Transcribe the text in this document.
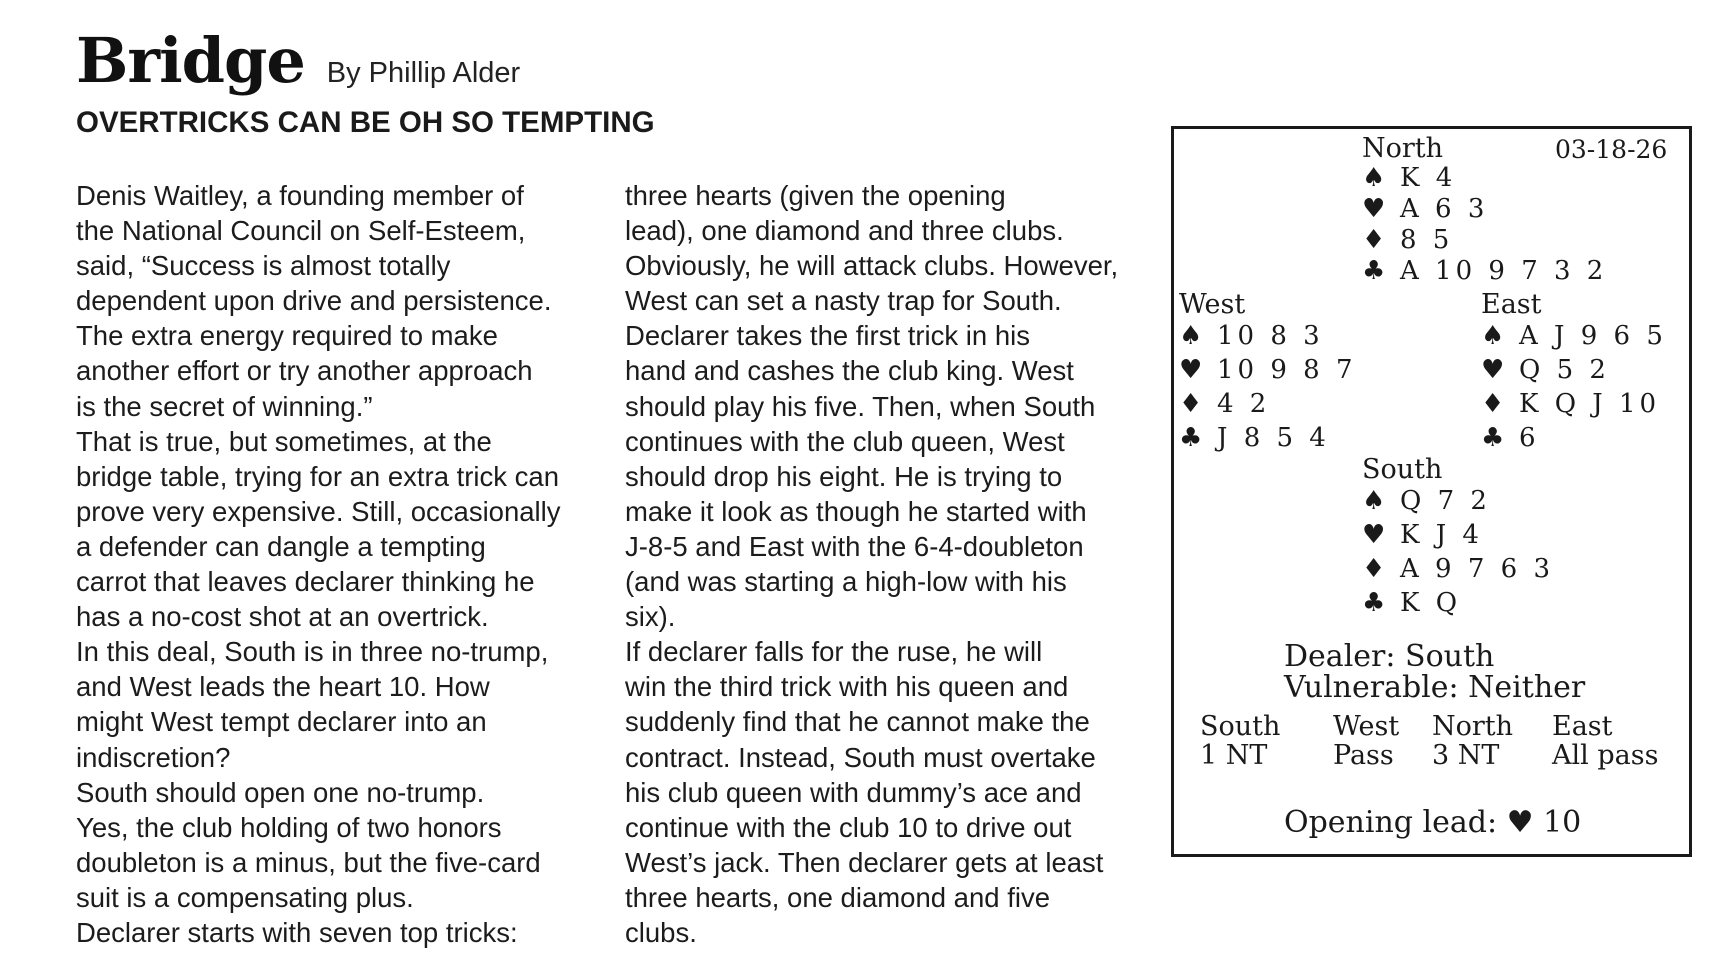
Bridge By Phillip Alder
OVERTRICKS CAN BE OH SO TEMPTING
Denis Waitley, a founding member of
the National Council on Self-Esteem,
said, “Success is almost totally
dependent upon drive and persistence.
The extra energy required to make
another effort or try another approach
is the secret of winning.”
That is true, but sometimes, at the
bridge table, trying for an extra trick can
prove very expensive. Still, occasionally
a defender can dangle a tempting
carrot that leaves declarer thinking he
has a no-cost shot at an overtrick.
In this deal, South is in three no-trump,
and West leads the heart 10. How
might West tempt declarer into an
indiscretion?
South should open one no-trump.
Yes, the club holding of two honors
doubleton is a minus, but the five-card
suit is a compensating plus.
Declarer starts with seven top tricks:
three hearts (given the opening
lead), one diamond and three clubs.
Obviously, he will attack clubs. However,
West can set a nasty trap for South.
Declarer takes the first trick in his
hand and cashes the club king. West
should play his five. Then, when South
continues with the club queen, West
should drop his eight. He is trying to
make it look as though he started with
J-8-5 and East with the 6-4-doubleton
(and was starting a high-low with his
six).
If declarer falls for the ruse, he will
win the third trick with his queen and
suddenly find that he cannot make the
contract. Instead, South must overtake
his club queen with dummy’s ace and
continue with the club 10 to drive out
West’s jack. Then declarer gets at least
three hearts, one diamond and five
clubs.
03-18-26
North
♠ K 4
♥ A 6 3
♦ 8 5
♣ A 10 9 7 3 2
West
♠ 10 8 3
♥ 10 9 8 7
♦ 4 2
♣ J 8 5 4
East
♠ A J 9 6 5
♥ Q 5 2
♦ K Q J 10
♣ 6
South
♠ Q 7 2
♥ K J 4
♦ A 9 7 6 3
♣ K Q
Dealer: South
Vulnerable: Neither
South
1 NT
West
Pass
North
3 NT
East
All pass
Opening lead: ♥ 10
